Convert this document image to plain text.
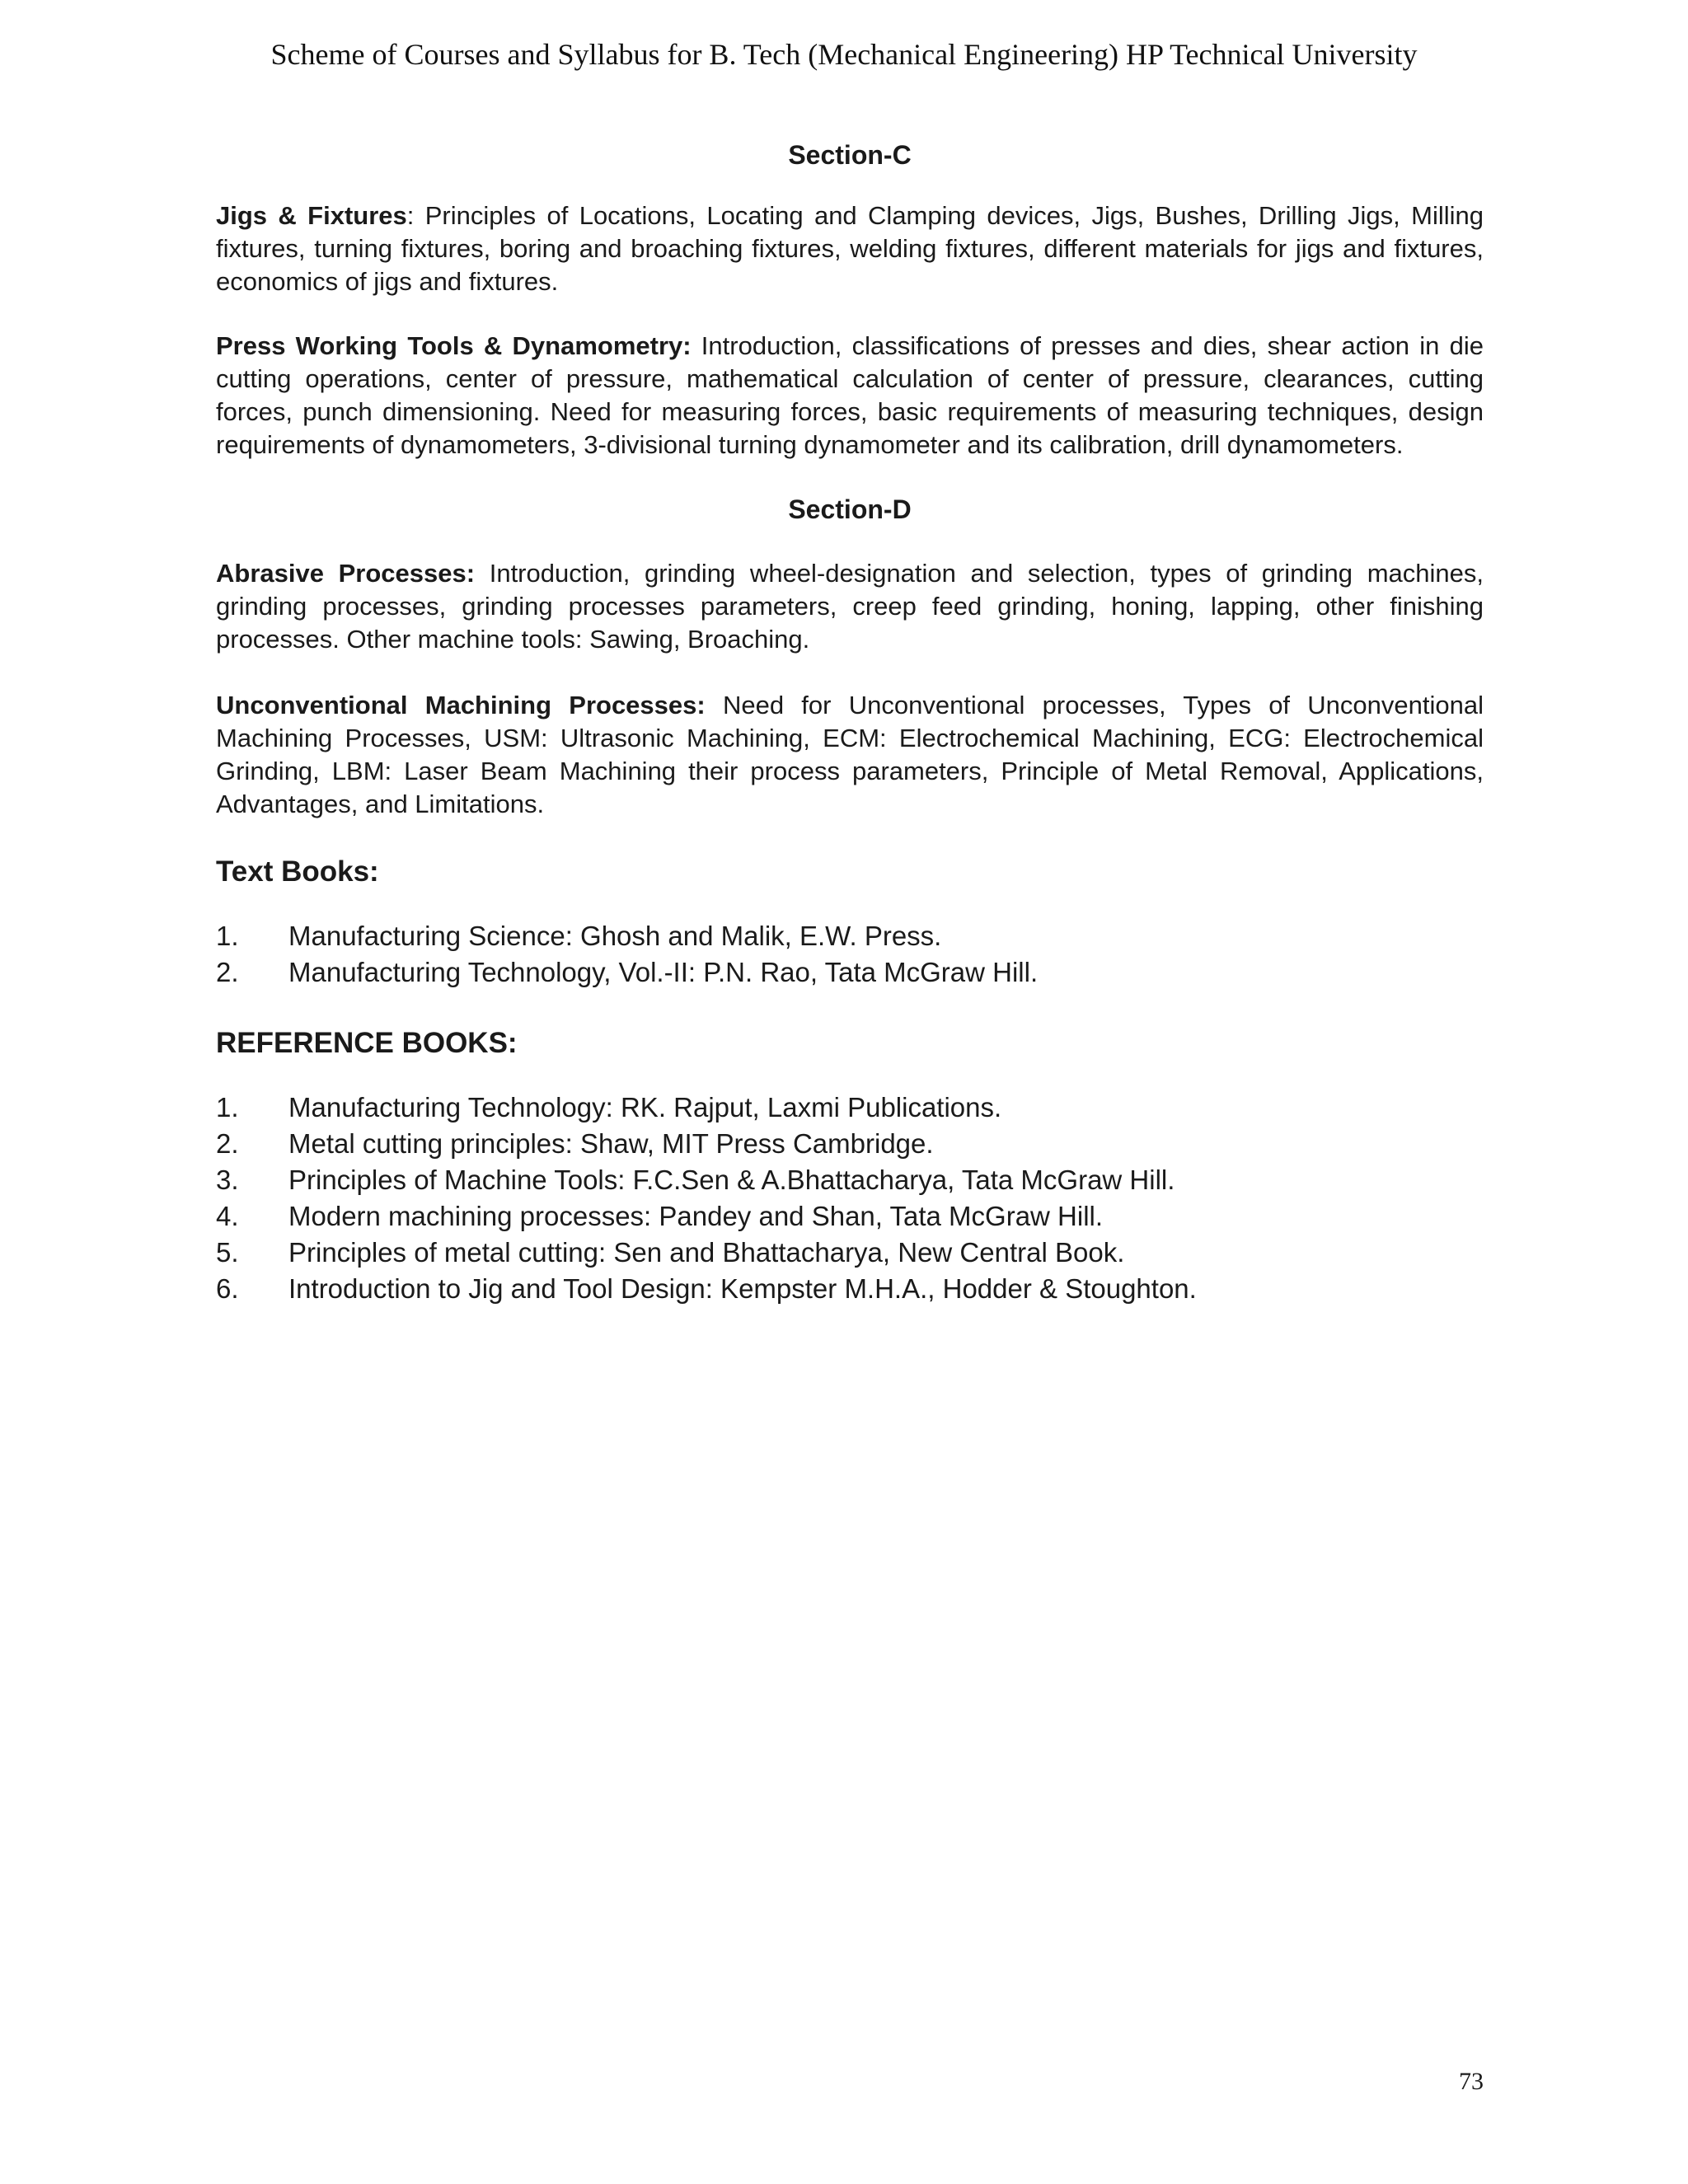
Scheme of Courses and Syllabus for B. Tech (Mechanical Engineering) HP Technical University
Section-C

Jigs & Fixtures: Principles of Locations, Locating and Clamping devices, Jigs, Bushes, Drilling Jigs, Milling fixtures, turning fixtures, boring and broaching fixtures, welding fixtures, different materials for jigs and fixtures, economics of jigs and fixtures.

Press Working Tools & Dynamometry: Introduction, classifications of presses and dies, shear action in die cutting operations, center of pressure, mathematical calculation of center of pressure, clearances, cutting forces, punch dimensioning. Need for measuring forces, basic requirements of measuring techniques, design requirements of dynamometers, 3-divisional turning dynamometer and its calibration, drill dynamometers.

Section-D

Abrasive Processes: Introduction, grinding wheel-designation and selection, types of grinding machines, grinding processes, grinding processes parameters, creep feed grinding, honing, lapping, other finishing processes. Other machine tools: Sawing, Broaching.

Unconventional Machining Processes: Need for Unconventional processes, Types of Unconventional Machining Processes, USM: Ultrasonic Machining, ECM: Electrochemical Machining, ECG: Electrochemical Grinding, LBM: Laser Beam Machining their process parameters, Principle of Metal Removal, Applications, Advantages, and Limitations.

Text Books:
1.	Manufacturing Science: Ghosh and Malik, E.W. Press.
2.	Manufacturing Technology, Vol.-II: P.N. Rao, Tata McGraw Hill.
REFERENCE BOOKS:
1.	Manufacturing Technology: RK. Rajput, Laxmi Publications.
2.	Metal cutting principles: Shaw, MIT Press Cambridge.
3.	Principles of Machine Tools: F.C.Sen & A.Bhattacharya, Tata McGraw Hill.
4.	Modern machining processes: Pandey and Shan, Tata McGraw Hill.
5.	Principles of metal cutting: Sen and Bhattacharya, New Central Book.
6.	Introduction to Jig and Tool Design: Kempster M.H.A., Hodder & Stoughton.
73
